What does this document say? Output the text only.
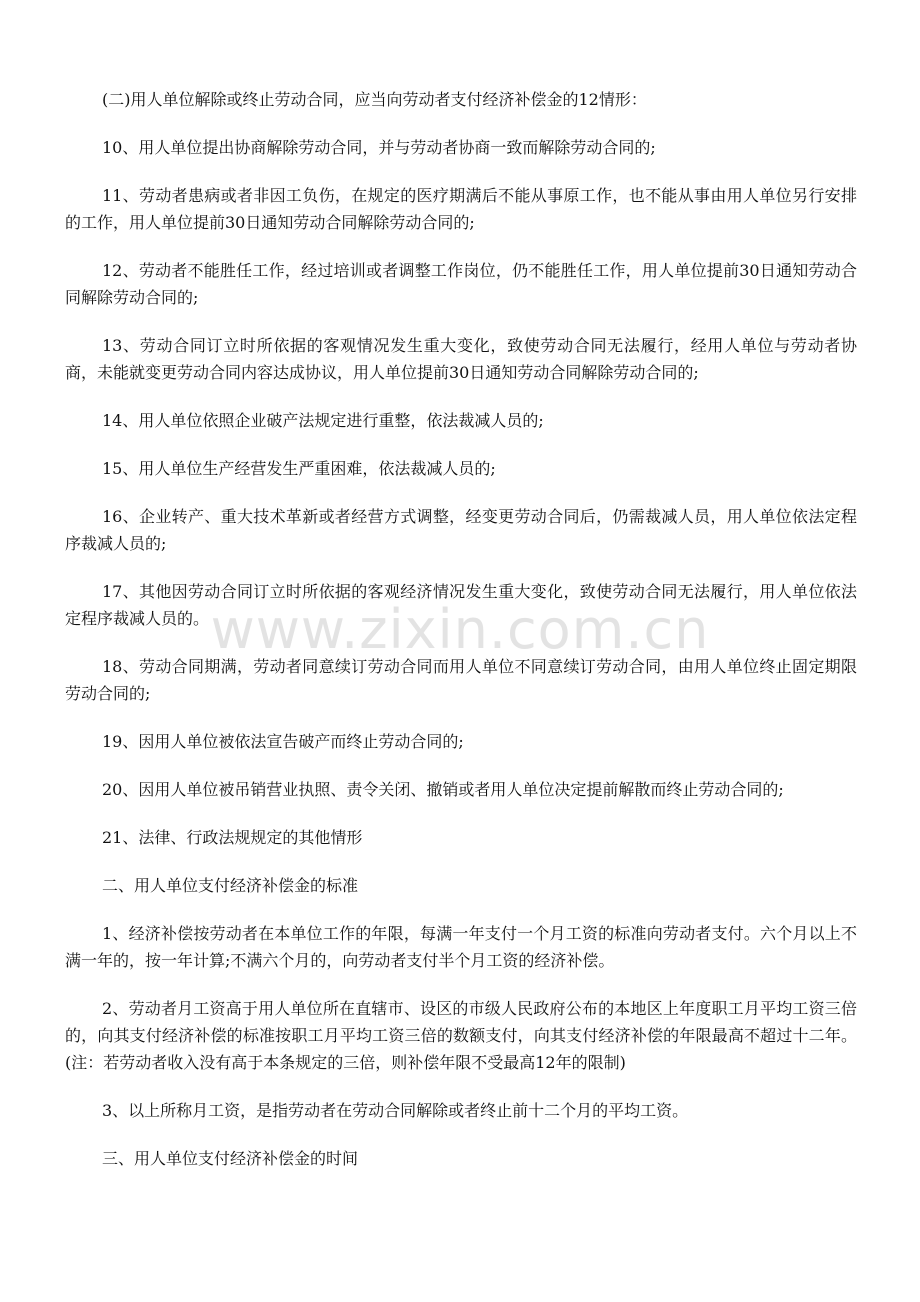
www.zixin.com.cn

(二)用人单位解除或终止劳动合同，应当向劳动者支付经济补偿金的12情形：

10、用人单位提出协商解除劳动合同，并与劳动者协商一致而解除劳动合同的;

11、劳动者患病或者非因工负伤，在规定的医疗期满后不能从事原工作，也不能从事由用人单位另行安排的工作，用人单位提前30日通知劳动合同解除劳动合同的;

12、劳动者不能胜任工作，经过培训或者调整工作岗位，仍不能胜任工作，用人单位提前30日通知劳动合同解除劳动合同的;

13、劳动合同订立时所依据的客观情况发生重大变化，致使劳动合同无法履行，经用人单位与劳动者协商，未能就变更劳动合同内容达成协议，用人单位提前30日通知劳动合同解除劳动合同的;

14、用人单位依照企业破产法规定进行重整，依法裁减人员的;

15、用人单位生产经营发生严重困难，依法裁减人员的;

16、企业转产、重大技术革新或者经营方式调整，经变更劳动合同后，仍需裁减人员，用人单位依法定程序裁减人员的;

17、其他因劳动合同订立时所依据的客观经济情况发生重大变化，致使劳动合同无法履行，用人单位依法定程序裁减人员的。

18、劳动合同期满，劳动者同意续订劳动合同而用人单位不同意续订劳动合同，由用人单位终止固定期限劳动合同的;

19、因用人单位被依法宣告破产而终止劳动合同的;

20、因用人单位被吊销营业执照、责令关闭、撤销或者用人单位决定提前解散而终止劳动合同的;

21、法律、行政法规规定的其他情形

二、用人单位支付经济补偿金的标准

1、经济补偿按劳动者在本单位工作的年限，每满一年支付一个月工资的标准向劳动者支付。六个月以上不满一年的，按一年计算;不满六个月的，向劳动者支付半个月工资的经济补偿。

2、劳动者月工资高于用人单位所在直辖市、设区的市级人民政府公布的本地区上年度职工月平均工资三倍的，向其支付经济补偿的标准按职工月平均工资三倍的数额支付，向其支付经济补偿的年限最高不超过十二年。(注：若劳动者收入没有高于本条规定的三倍，则补偿年限不受最高12年的限制)

3、以上所称月工资，是指劳动者在劳动合同解除或者终止前十二个月的平均工资。

三、用人单位支付经济补偿金的时间
